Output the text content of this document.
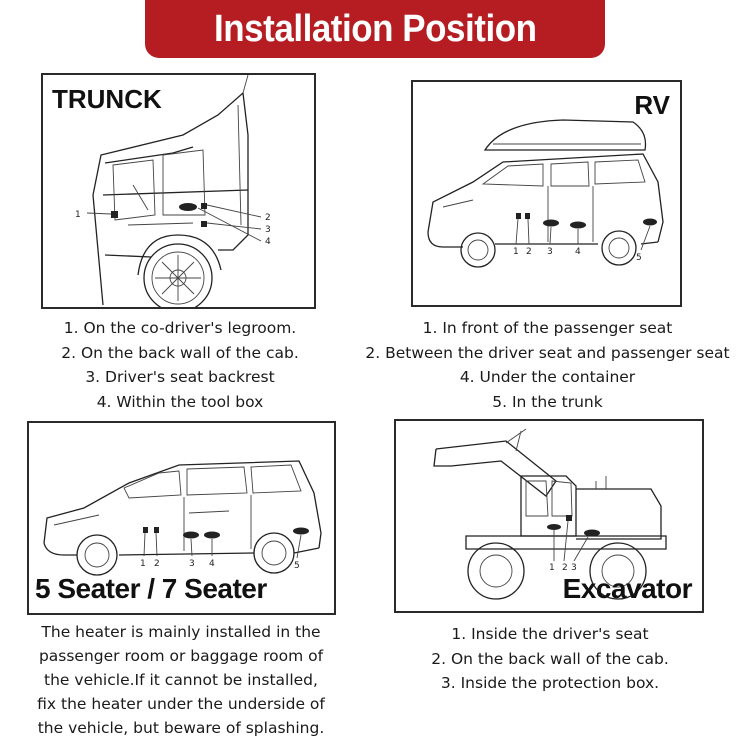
Installation Position
1	2
3
4
TRUNCK
1. On the co-driver's legroom.
2. On the back wall of the cab.
3. Driver's seat backrest
4. Within the tool box
1 2 3 4
5
RV
1. In front of the passenger seat
2. Between the driver seat and passenger seat
4. Under the container
5. In the trunk
1 2	3 4	5
5 Seater / 7 Seater
The heater is mainly installed in the
passenger room or baggage room of
the vehicle.If it cannot be installed,
fix the heater under the underside of
the vehicle, but beware of splashing.
1 2 3
Excavator
1. Inside the driver's seat
2. On the back wall of the cab.
3. Inside the protection box.
